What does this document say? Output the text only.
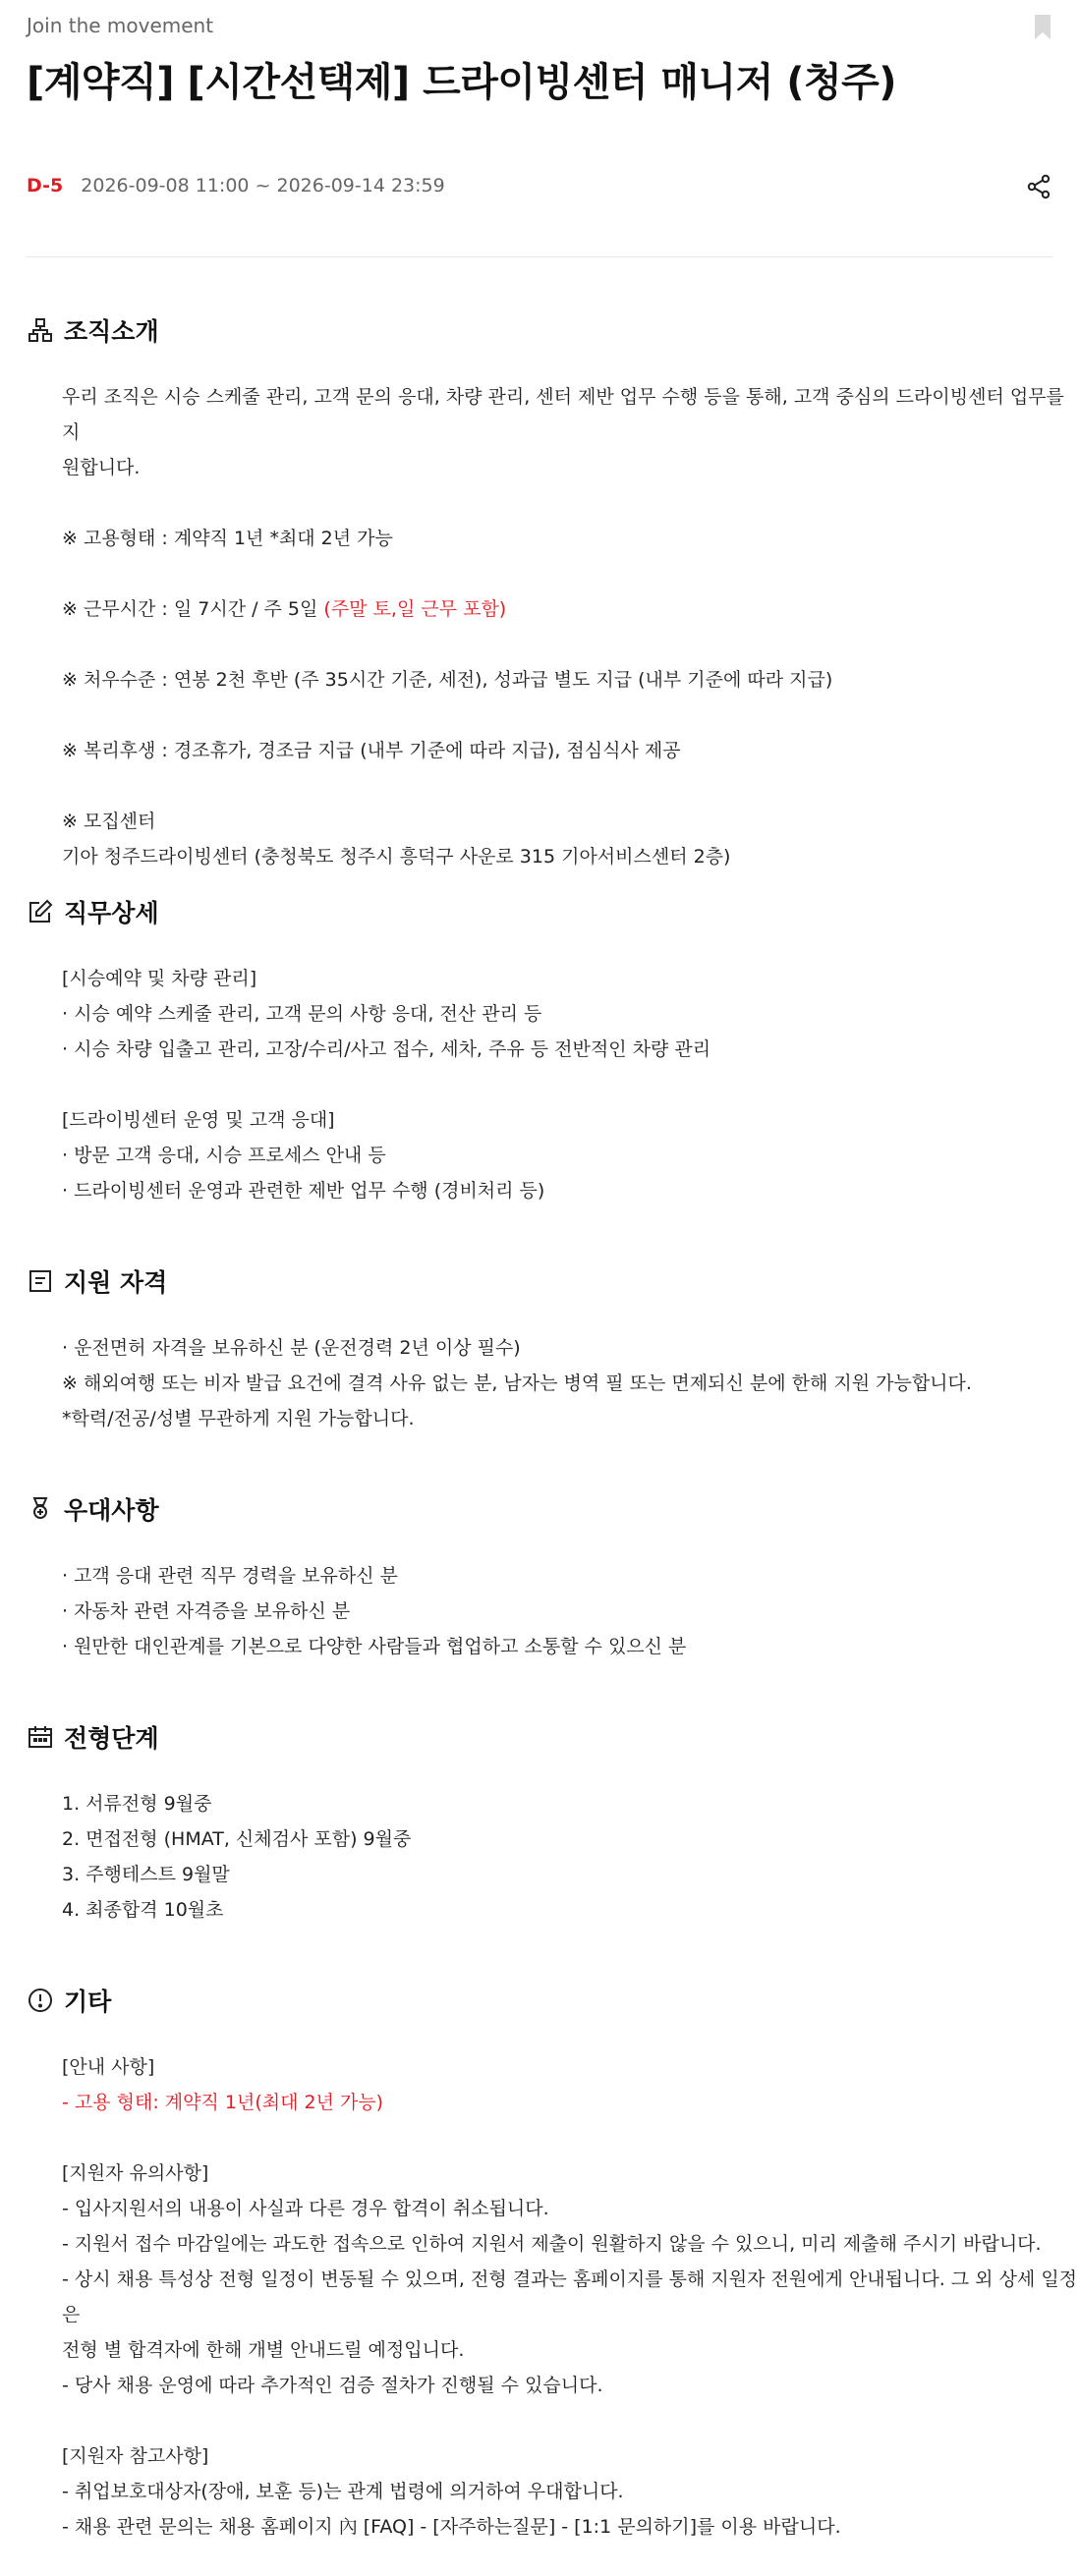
Join the movement
[계약직] [시간선택제] 드라이빙센터 매니저 (청주)
D-5 2026-09-08 11:00 ~ 2026-09-14 23:59
조직소개
우리 조직은 시승 스케줄 관리, 고객 문의 응대, 차량 관리, 센터 제반 업무 수행 등을 통해, 고객 중심의 드라이빙센터 업무를 지
원합니다.
※ 고용형태 : 계약직 1년 *최대 2년 가능
※ 근무시간 : 일 7시간 / 주 5일 (주말 토,일 근무 포함)
※ 처우수준 : 연봉 2천 후반 (주 35시간 기준, 세전), 성과급 별도 지급 (내부 기준에 따라 지급)
※ 복리후생 : 경조휴가, 경조금 지급 (내부 기준에 따라 지급), 점심식사 제공
※ 모집센터
기아 청주드라이빙센터 (충청북도 청주시 흥덕구 사운로 315 기아서비스센터 2층)
직무상세
[시승예약 및 차량 관리]
· 시승 예약 스케줄 관리, 고객 문의 사항 응대, 전산 관리 등
· 시승 차량 입출고 관리, 고장/수리/사고 접수, 세차, 주유 등 전반적인 차량 관리
[드라이빙센터 운영 및 고객 응대]
· 방문 고객 응대, 시승 프로세스 안내 등
· 드라이빙센터 운영과 관련한 제반 업무 수행 (경비처리 등)
지원 자격
· 운전면허 자격을 보유하신 분 (운전경력 2년 이상 필수)
※ 해외여행 또는 비자 발급 요건에 결격 사유 없는 분, 남자는 병역 필 또는 면제되신 분에 한해 지원 가능합니다.
*학력/전공/성별 무관하게 지원 가능합니다.
우대사항
· 고객 응대 관련 직무 경력을 보유하신 분
· 자동차 관련 자격증을 보유하신 분
· 원만한 대인관계를 기본으로 다양한 사람들과 협업하고 소통할 수 있으신 분
전형단계
1. 서류전형 9월중
2. 면접전형 (HMAT, 신체검사 포함) 9월중
3. 주행테스트 9월말
4. 최종합격 10월초
기타
[안내 사항]
- 고용 형태: 계약직 1년(최대 2년 가능)
[지원자 유의사항]
- 입사지원서의 내용이 사실과 다른 경우 합격이 취소됩니다.
- 지원서 접수 마감일에는 과도한 접속으로 인하여 지원서 제출이 원활하지 않을 수 있으니, 미리 제출해 주시기 바랍니다.
- 상시 채용 특성상 전형 일정이 변동될 수 있으며, 전형 결과는 홈페이지를 통해 지원자 전원에게 안내됩니다. 그 외 상세 일정은
전형 별 합격자에 한해 개별 안내드릴 예정입니다.
- 당사 채용 운영에 따라 추가적인 검증 절차가 진행될 수 있습니다.
[지원자 참고사항]
- 취업보호대상자(장애, 보훈 등)는 관계 법령에 의거하여 우대합니다.
- 채용 관련 문의는 채용 홈페이지 內 [FAQ] - [자주하는질문] - [1:1 문의하기]를 이용 바랍니다.
